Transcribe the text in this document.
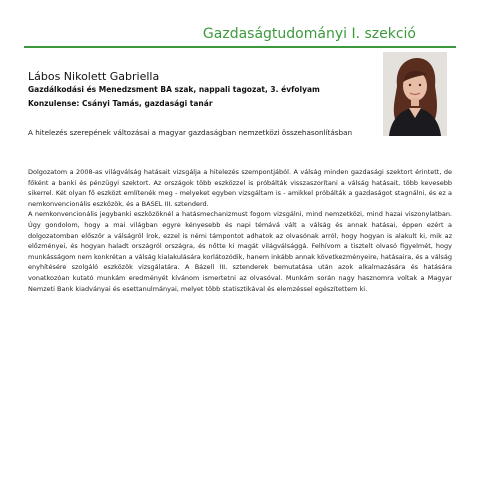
Gazdaságtudományi I. szekció
Lábos Nikolett Gabriella
Gazdálkodási és Menedzsment BA szak, nappali tagozat, 3. évfolyam
Konzulense: Csányi Tamás, gazdasági tanár
A hitelezés szerepének változásai a magyar gazdaságban nemzetközi összehasonlításban

Dolgozatom a 2008-as világválság hatásait vizsgálja a hitelezés szempontjából. A válság minden gazdasági szektort érintett, de főként a banki és pénzügyi szektort. Az országok több eszközzel is próbálták visszaszorítani a válság hatásait, több kevesebb sikerrel. Két olyan fő eszközt említenék meg - melyeket egyben vizsgáltam is - amikkel próbálták a gazdaságot stagnálni, és ez a nemkonvencionális eszközök, és a BASEL III. sztenderd.

A nemkonvencionális jegybanki eszközöknél a hatásmechanizmust fogom vizsgálni, mind nemzetközi, mind hazai viszonylatban. Úgy gondolom, hogy a mai világban egyre kényesebb és napi témává vált a válság és annak hatásai, éppen ezért a dolgozatomban először a válságról írok, ezzel is némi támpontot adhatok az olvasónak arról, hogy hogyan is alakult ki, mik az előzményei, és hogyan haladt országról országra, és nőtte ki magát világválsággá. Felhívom a tisztelt olvasó figyelmét, hogy munkásságom nem konkrétan a válság kialakulására korlátozódik, hanem inkább annak következményeire, hatásaira, és a válság enyhítésére szolgáló eszközök vizsgálatára. A Bázell III. sztenderek bemutatása után azok alkalmazására és hatására vonatkozóan kutató munkám eredményét kívánom ismertetni az olvasóval. Munkám során nagy hasznomra voltak a Magyar Nemzeti Bank kiadványai és esettanulmányai, melyet több statisztikával és elemzéssel egészítettem ki.
